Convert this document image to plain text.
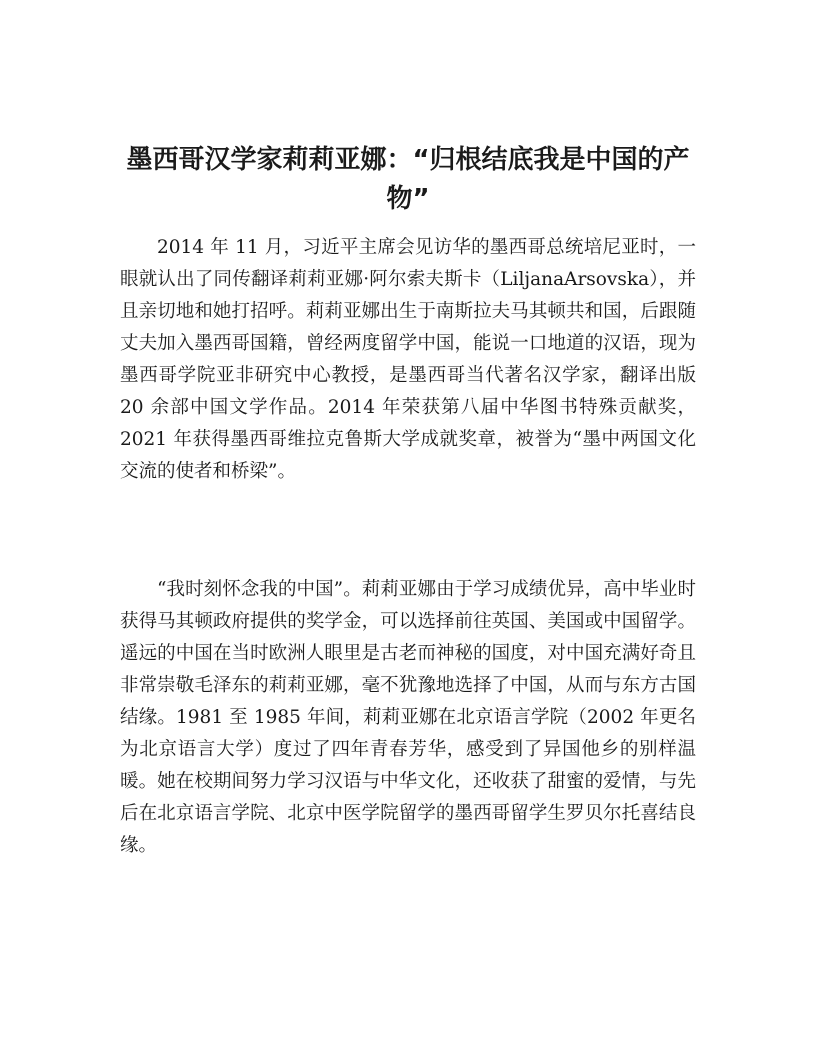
墨西哥汉学家莉莉亚娜：“归根结底我是中国的产物”

2014 年 11 月，习近平主席会见访华的墨西哥总统培尼亚时，一眼就认出了同传翻译莉莉亚娜·阿尔索夫斯卡（LiljanaArsovska），并且亲切地和她打招呼。莉莉亚娜出生于南斯拉夫马其顿共和国，后跟随丈夫加入墨西哥国籍，曾经两度留学中国，能说一口地道的汉语，现为墨西哥学院亚非研究中心教授，是墨西哥当代著名汉学家，翻译出版 20 余部中国文学作品。2014 年荣获第八届中华图书特殊贡献奖，2021 年获得墨西哥维拉克鲁斯大学成就奖章，被誉为“墨中两国文化交流的使者和桥梁”。

“我时刻怀念我的中国”。莉莉亚娜由于学习成绩优异，高中毕业时获得马其顿政府提供的奖学金，可以选择前往英国、美国或中国留学。遥远的中国在当时欧洲人眼里是古老而神秘的国度，对中国充满好奇且非常崇敬毛泽东的莉莉亚娜，毫不犹豫地选择了中国，从而与东方古国结缘。1981 至 1985 年间，莉莉亚娜在北京语言学院（2002 年更名为北京语言大学）度过了四年青春芳华，感受到了异国他乡的别样温暖。她在校期间努力学习汉语与中华文化，还收获了甜蜜的爱情，与先后在北京语言学院、北京中医学院留学的墨西哥留学生罗贝尔托喜结良缘。
